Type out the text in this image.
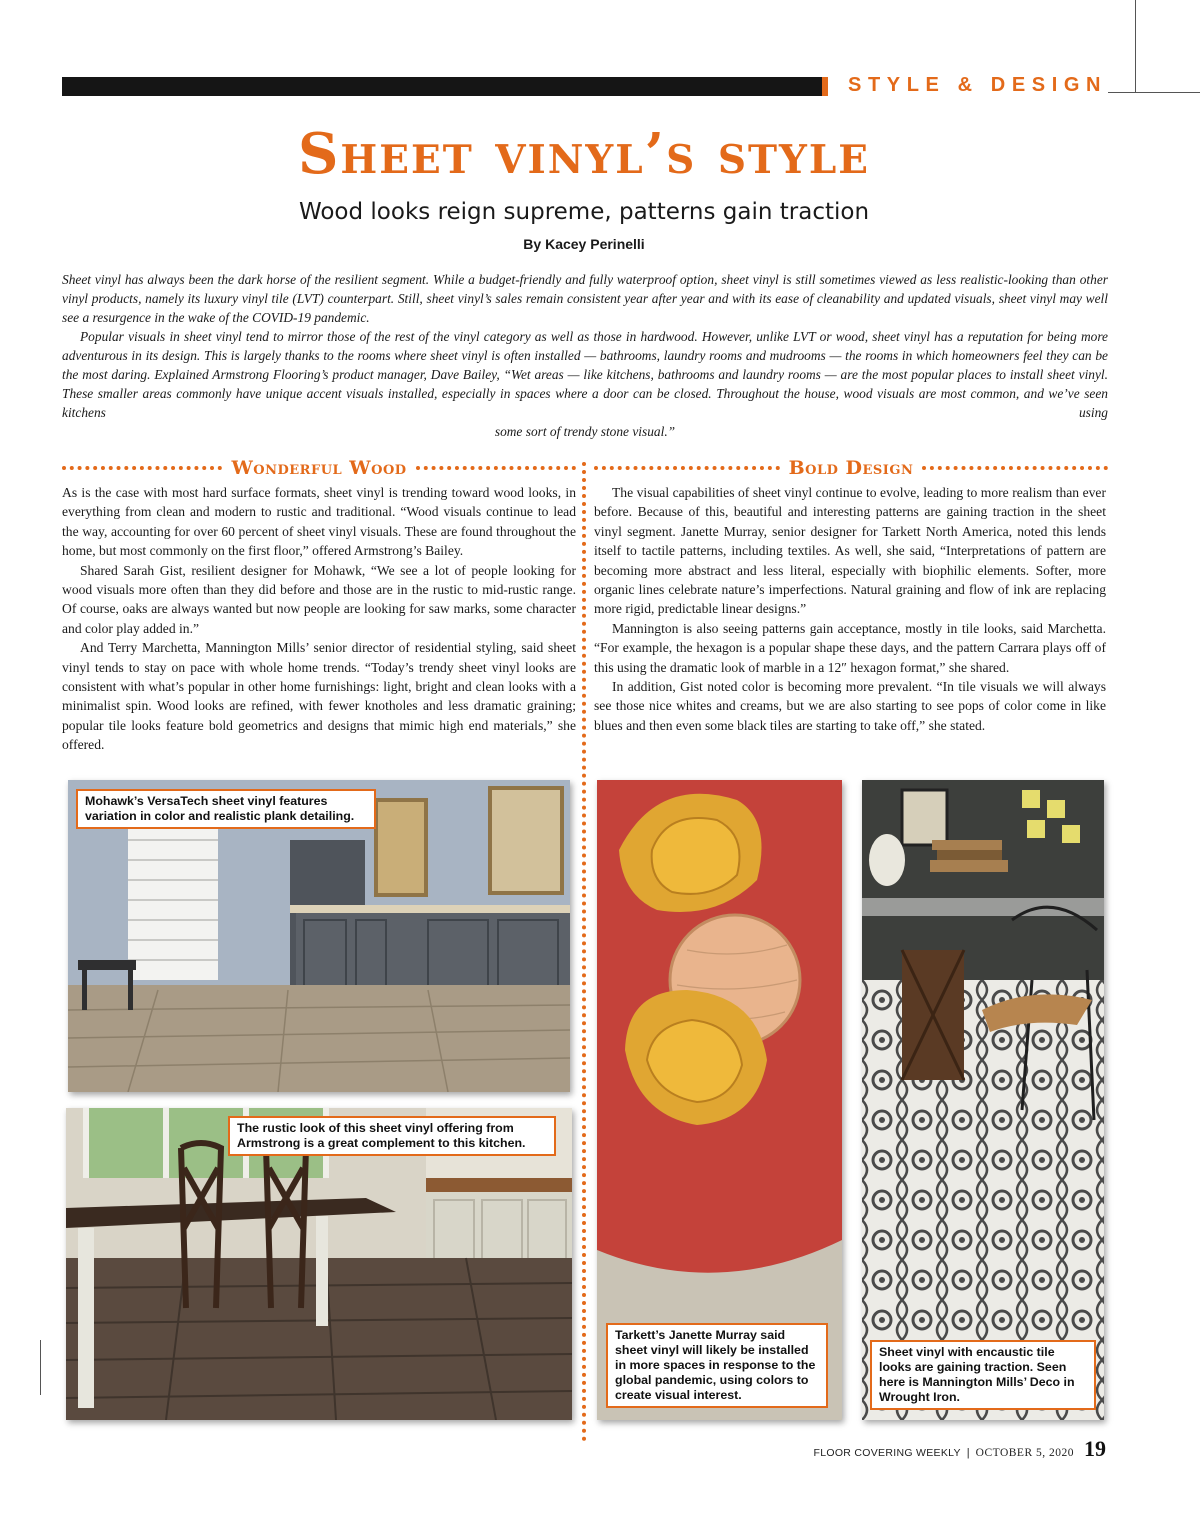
STYLE & DESIGN
Sheet vinyl’s style
Wood looks reign supreme, patterns gain traction
By Kacey Perinelli

Sheet vinyl has always been the dark horse of the resilient segment. While a budget-friendly and fully waterproof option, sheet vinyl is still sometimes viewed as less realistic-looking than other vinyl products, namely its luxury vinyl tile (LVT) counterpart. Still, sheet vinyl’s sales remain consistent year after year and with its ease of cleanability and updated visuals, sheet vinyl may well see a resurgence in the wake of the COVID-19 pandemic.

Popular visuals in sheet vinyl tend to mirror those of the rest of the vinyl category as well as those in hardwood. However, unlike LVT or wood, sheet vinyl has a reputation for being more adventurous in its design. This is largely thanks to the rooms where sheet vinyl is often installed — bathrooms, laundry rooms and mudrooms — the rooms in which homeowners feel they can be the most daring. Explained Armstrong Flooring’s product manager, Dave Bailey, “Wet areas — like kitchens, bathrooms and laundry rooms — are the most popular places to install sheet vinyl. These smaller areas commonly have unique accent visuals installed, especially in spaces where a door can be closed. Throughout the house, wood visuals are most common, and we’ve seen kitchens using

some sort of trendy stone visual.”

Wonderful Wood	Bold Design

As is the case with most hard surface formats, sheet vinyl is trending toward wood looks, in everything from clean and modern to rustic and traditional. “Wood visuals continue to lead the way, accounting for over 60 percent of sheet vinyl visuals. These are found throughout the home, but most commonly on the first floor,” offered Armstrong’s Bailey.

Shared Sarah Gist, resilient designer for Mohawk, “We see a lot of people looking for wood visuals more often than they did before and those are in the rustic to mid-rustic range. Of course, oaks are always wanted but now people are looking for saw marks, some character and color play added in.”

And Terry Marchetta, Mannington Mills’ senior director of residential styling, said sheet vinyl tends to stay on pace with whole home trends. “Today’s trendy sheet vinyl looks are consistent with what’s popular in other home furnishings: light, bright and clean looks with a minimalist spin. Wood looks are refined, with fewer knotholes and less dramatic graining; popular tile looks feature bold geometrics and designs that mimic high end materials,” she offered.

The visual capabilities of sheet vinyl continue to evolve, leading to more realism than ever before. Because of this, beautiful and interesting patterns are gaining traction in the sheet vinyl segment. Janette Murray, senior designer for Tarkett North America, noted this lends itself to tactile patterns, including textiles. As well, she said, “Interpretations of pattern are becoming more abstract and less literal, especially with biophilic elements. Softer, more organic lines celebrate nature’s imperfections. Natural graining and flow of ink are replacing more rigid, predictable linear designs.”

Mannington is also seeing patterns gain acceptance, mostly in tile looks, said Marchetta. “For example, the hexagon is a popular shape these days, and the pattern Carrara plays off of this using the dramatic look of marble in a 12″ hexagon format,” she shared.

In addition, Gist noted color is becoming more prevalent. “In tile visuals we will always see those nice whites and creams, but we are also starting to see pops of color come in like blues and then even some black tiles are starting to take off,” she stated.

Mohawk’s VersaTech sheet vinyl features variation in color and realistic plank detailing.
The rustic look of this sheet vinyl offering from Armstrong is a great complement to this kitchen.
Tarkett’s Janette Murray said sheet vinyl will likely be installed in more spaces in response to the global pandemic, using colors to create visual interest.
Sheet vinyl with encaustic tile looks are gaining traction. Seen here is Mannington Mills’ Deco in Wrought Iron.
FLOOR COVERING WEEKLY | OCTOBER 5, 2020 19
